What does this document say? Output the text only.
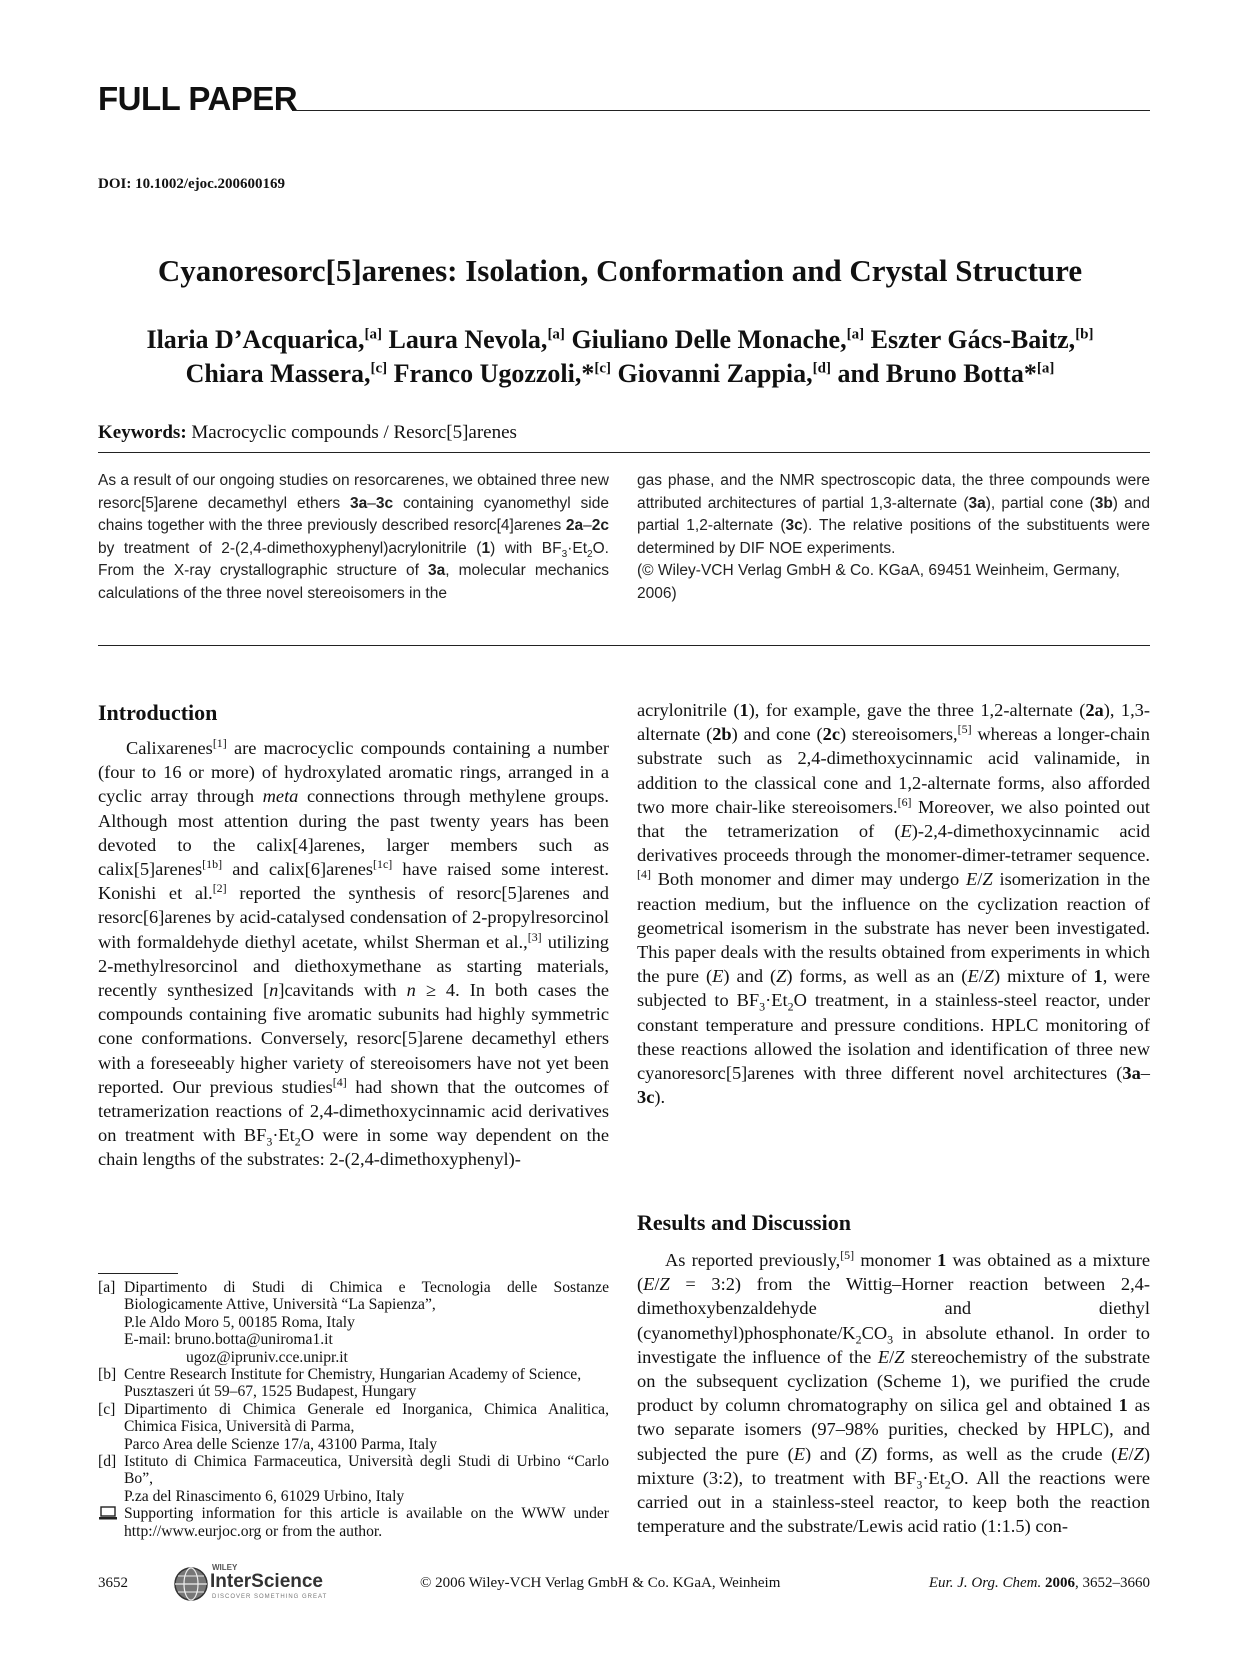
FULL PAPER
DOI: 10.1002/ejoc.200600169
Cyanoresorc[5]arenes: Isolation, Conformation and Crystal Structure
Ilaria D’Acquarica,[a] Laura Nevola,[a] Giuliano Delle Monache,[a] Eszter Gács-Baitz,[b]
Chiara Massera,[c] Franco Ugozzoli,*[c] Giovanni Zappia,[d] and Bruno Botta*[a]
Keywords: Macrocyclic compounds / Resorc[5]arenes

As a result of our ongoing studies on resorcarenes, we obtained three new resorc[5]arene decamethyl ethers 3a–3c containing cyanomethyl side chains together with the three previously described resorc[4]arenes 2a–2c by treatment of 2-(2,4-dimethoxyphenyl)acrylonitrile (1) with $BF_3\cdot Et_2O$. From the X-ray crystallographic structure of 3a, molecular mechanics calculations of the three novel stereoisomers in the

gas phase, and the NMR spectroscopic data, the three compounds were attributed architectures of partial 1,3-alternate (3a), partial cone (3b) and partial 1,2-alternate (3c). The relative positions of the substituents were determined by DIF NOE experiments.

(© Wiley-VCH Verlag GmbH & Co. KGaA, 69451 Weinheim, Germany, 2006)

Introduction

Calixarenes[1] are macrocyclic compounds containing a number (four to 16 or more) of hydroxylated aromatic rings, arranged in a cyclic array through meta connections through methylene groups. Although most attention during the past twenty years has been devoted to the calix[4]arenes, larger members such as calix[5]arenes[1b] and calix[6]arenes[1c] have raised some interest. Konishi et al.[2] reported the synthesis of resorc[5]arenes and resorc[6]arenes by acid-catalysed condensation of 2-propylresorcinol with formaldehyde diethyl acetate, whilst Sherman et al.,[3] utilizing 2-methylresorcinol and diethoxymethane as starting materials, recently synthesized [n]cavitands with n ≥ 4. In both cases the compounds containing five aromatic subunits had highly symmetric cone conformations. Conversely, resorc[5]arene decamethyl ethers with a foreseeably higher variety of stereoisomers have not yet been reported. Our previous studies[4] had shown that the outcomes of tetramerization reactions of 2,4-dimethoxycinnamic acid derivatives on treatment with $BF_3\cdot Et_2O$ were in some way dependent on the chain lengths of the substrates: 2-(2,4-dimethoxyphenyl)-

[a] Dipartimento di Studi di Chimica e Tecnologia delle Sostanze Biologicamente Attive, Università “La Sapienza”,
P.le Aldo Moro 5, 00185 Roma, Italy
E-mail: bruno.botta@uniroma1.it
ugoz@ipruniv.cce.unipr.it
[b] Centre Research Institute for Chemistry, Hungarian Academy of Science,
Pusztaszeri út 59–67, 1525 Budapest, Hungary
[c] Dipartimento di Chimica Generale ed Inorganica, Chimica Analitica, Chimica Fisica, Università di Parma,
Parco Area delle Scienze 17/a, 43100 Parma, Italy
[d] Istituto di Chimica Farmaceutica, Università degli Studi di Urbino “Carlo Bo”,
P.za del Rinascimento 6, 61029 Urbino, Italy
Supporting information for this article is available on the WWW under http://www.eurjoc.org or from the author.

acrylonitrile (1), for example, gave the three 1,2-alternate (2a), 1,3-alternate (2b) and cone (2c) stereoisomers,[5] whereas a longer-chain substrate such as 2,4-dimethoxycinnamic acid valinamide, in addition to the classical cone and 1,2-alternate forms, also afforded two more chair-like stereoisomers.[6] Moreover, we also pointed out that the tetramerization of (E)-2,4-dimethoxycinnamic acid derivatives proceeds through the monomer-dimer-tetramer sequence.[4] Both monomer and dimer may undergo E/Z isomerization in the reaction medium, but the influence on the cyclization reaction of geometrical isomerism in the substrate has never been investigated. This paper deals with the results obtained from experiments in which the pure (E) and (Z) forms, as well as an (E/Z) mixture of 1, were subjected to $BF_3\cdot Et_2O$ treatment, in a stainless-steel reactor, under constant temperature and pressure conditions. HPLC monitoring of these reactions allowed the isolation and identification of three new cyanoresorc[5]arenes with three different novel architectures (3a–3c).

Results and Discussion

As reported previously,[5] monomer 1 was obtained as a mixture (E/Z = 3:2) from the Wittig–Horner reaction between 2,4-dimethoxybenzaldehyde and diethyl $(cyanomethyl)phosphonate/K_2CO_3$ in absolute ethanol. In order to investigate the influence of the E/Z stereochemistry of the substrate on the subsequent cyclization (Scheme 1), we purified the crude product by column chromatography on silica gel and obtained 1 as two separate isomers (97–98% purities, checked by HPLC), and subjected the pure (E) and (Z) forms, as well as the crude (E/Z) mixture (3:2), to treatment with $BF_3\cdot Et_2O$. All the reactions were carried out in a stainless-steel reactor, to keep both the reaction temperature and the substrate/Lewis acid ratio (1:1.5) con-

3652
WILEY
InterScience
DISCOVER SOMETHING GREAT
© 2006 Wiley-VCH Verlag GmbH & Co. KGaA, Weinheim	Eur. J. Org. Chem. 2006, 3652–3660
